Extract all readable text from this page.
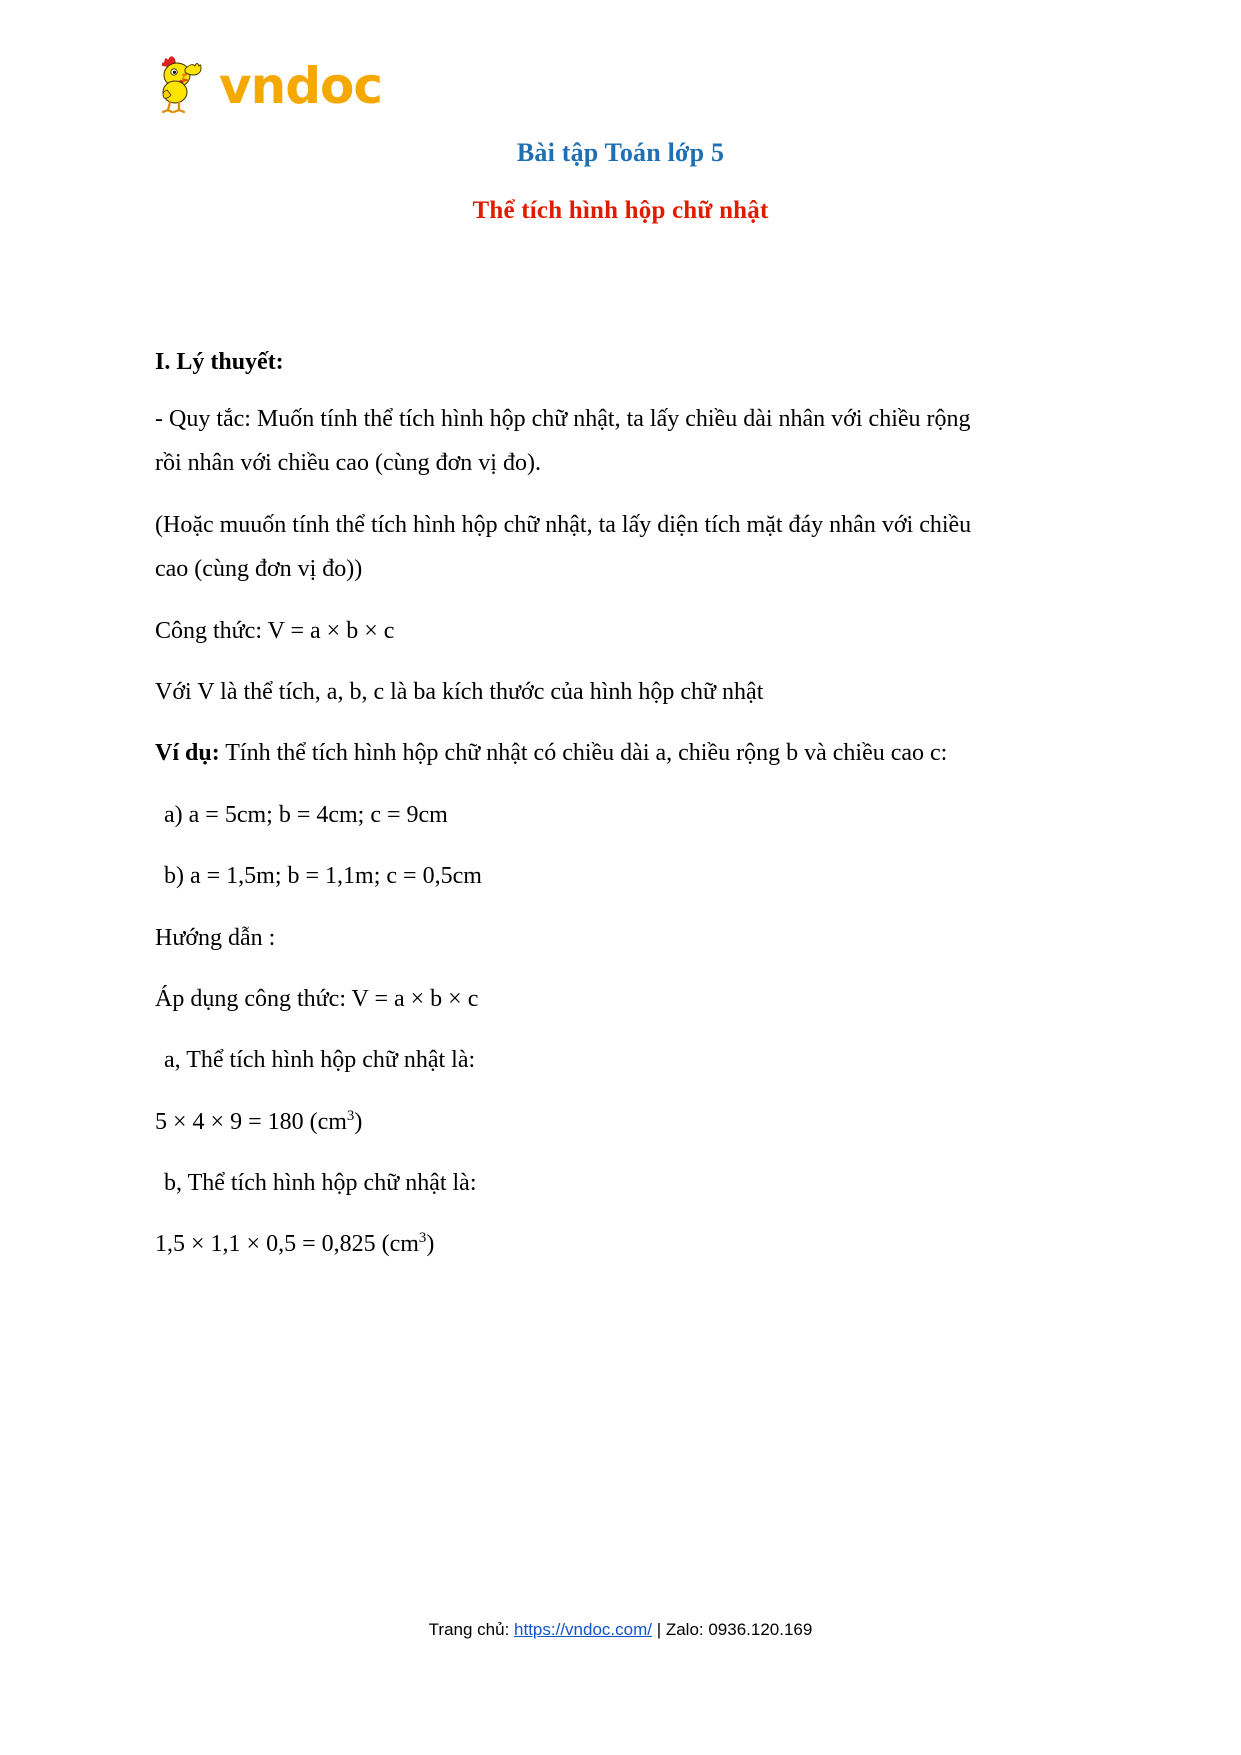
vndoc
Bài tập Toán lớp 5
Thể tích hình hộp chữ nhật
I. Lý thuyết:

- Quy tắc: Muốn tính thể tích hình hộp chữ nhật, ta lấy chiều dài nhân với chiều rộng rồi nhân với chiều cao (cùng đơn vị đo).

(Hoặc muuốn tính thể tích hình hộp chữ nhật, ta lấy diện tích mặt đáy nhân với chiều cao (cùng đơn vị đo))

Công thức: V = a × b × c

Với V là thể tích, a, b, c là ba kích thước của hình hộp chữ nhật

Ví dụ: Tính thể tích hình hộp chữ nhật có chiều dài a, chiều rộng b và chiều cao c:

a) a = 5cm; b = 4cm; c = 9cm

b) a = 1,5m; b = 1,1m; c = 0,5cm

Hướng dẫn :

Áp dụng công thức: V = a × b × c

a, Thể tích hình hộp chữ nhật là:

5 × 4 × 9 = 180 $(cm^3)$

b, Thể tích hình hộp chữ nhật là:

1,5 × 1,1 × 0,5 = 0,825 $(cm^3)$

Trang chủ: https://vndoc.com/ | Zalo: 0936.120.169
